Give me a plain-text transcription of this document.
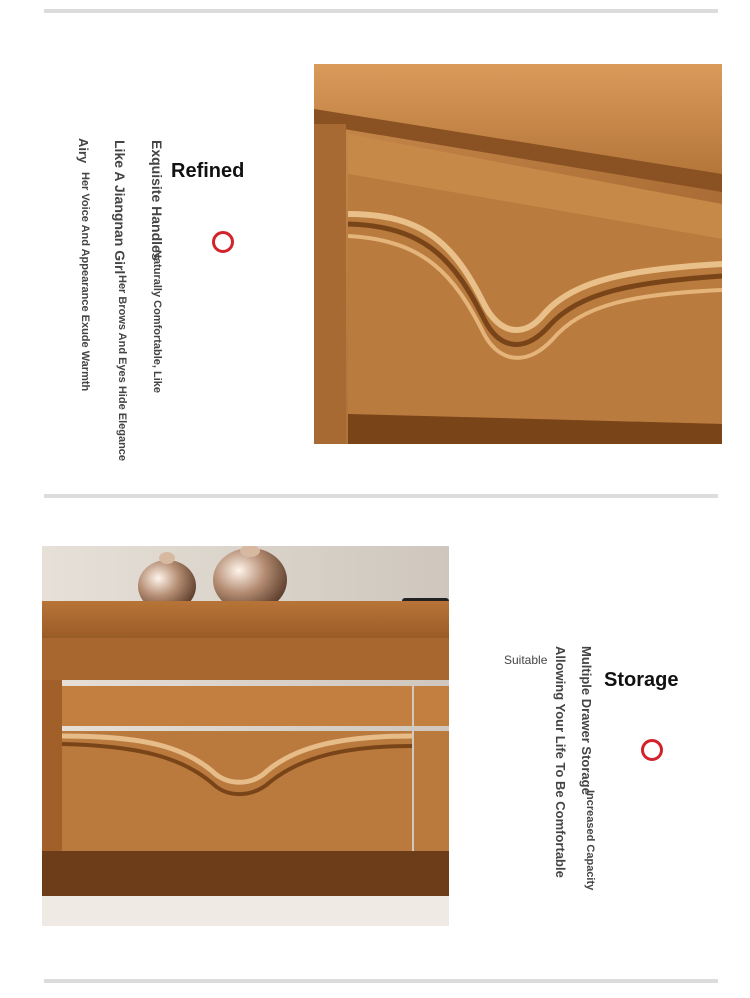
Exquisite Handles
Naturally Comfortable, Like
Like A Jiangnan Girl
Her Brows And Eyes Hide Elegance
Airy
Her Voice And Appearance Exude Warmth
Refined
Suitable Multiple Drawer Storage
Increased Capacity
Allowing Your Life To Be Comfortable Storage
